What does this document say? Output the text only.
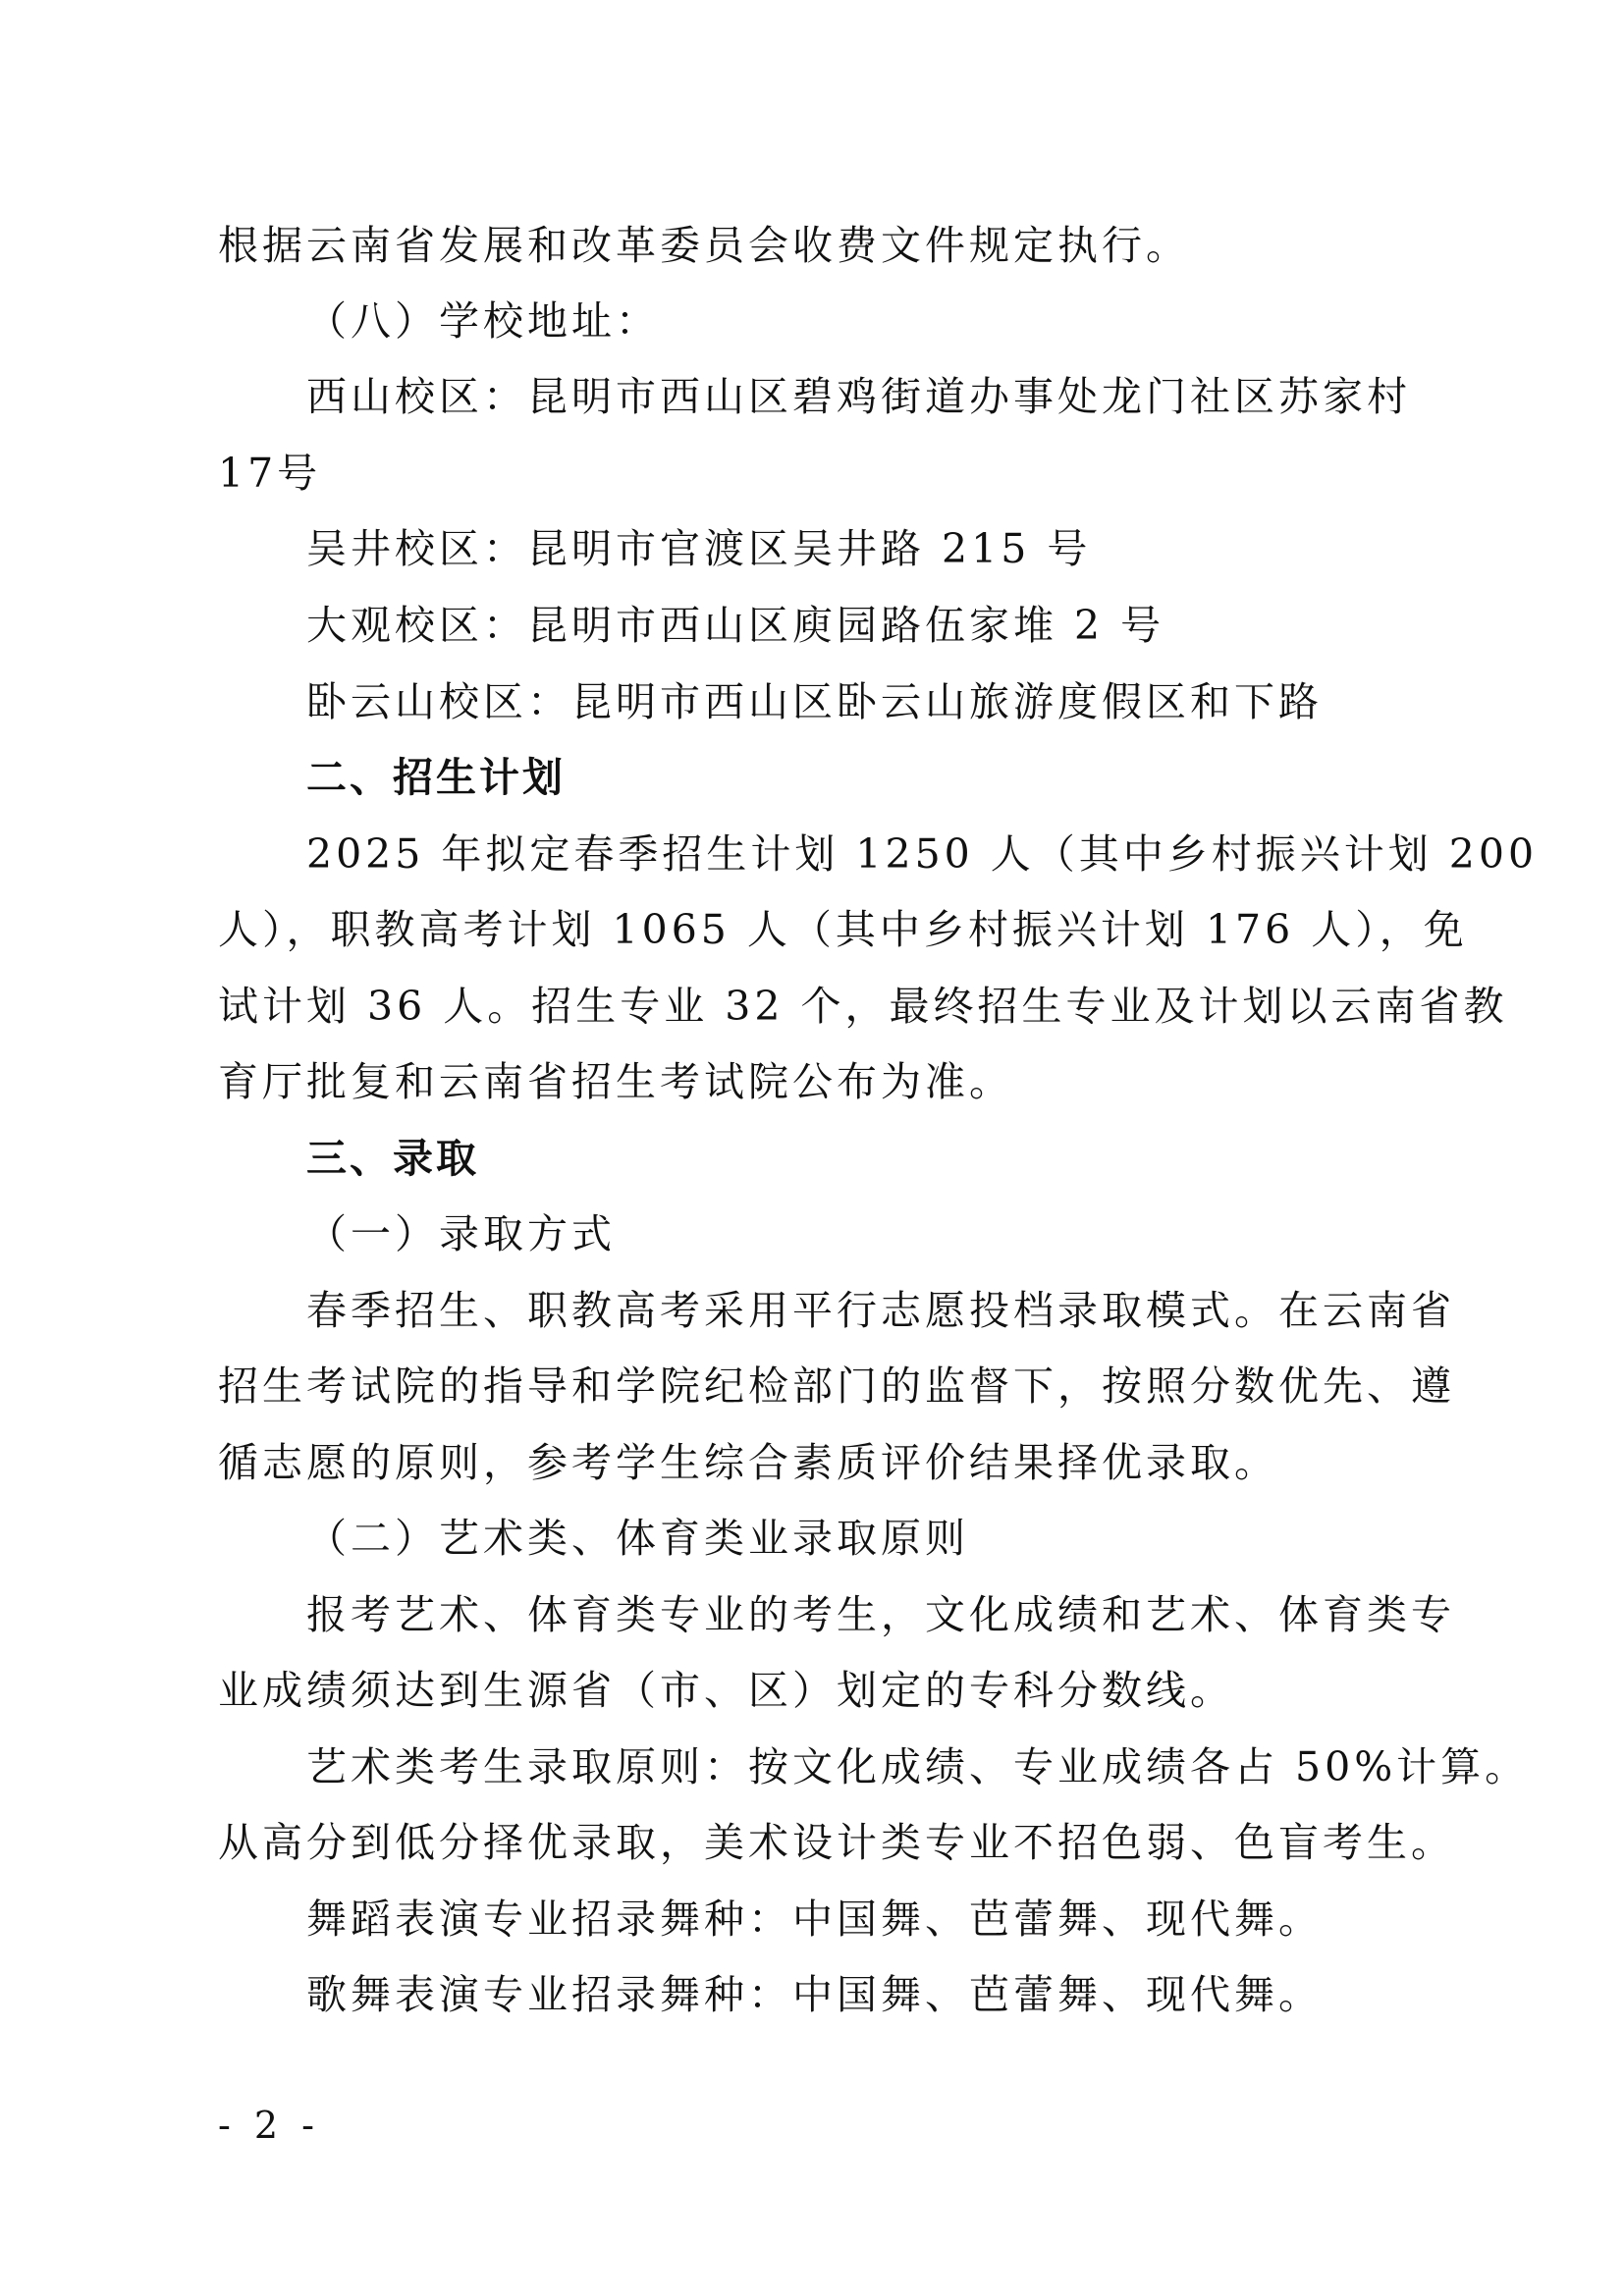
根据云南省发展和改革委员会收费文件规定执行。
（八）学校地址：
西山校区：昆明市西山区碧鸡街道办事处龙门社区苏家村
17号
吴井校区：昆明市官渡区吴井路 215 号
大观校区：昆明市西山区庾园路伍家堆 2 号
卧云山校区：昆明市西山区卧云山旅游度假区和下路
二、招生计划
2025 年拟定春季招生计划 1250 人（其中乡村振兴计划 200
人），职教高考计划 1065 人（其中乡村振兴计划 176 人），免
试计划 36 人。招生专业 32 个，最终招生专业及计划以云南省教
育厅批复和云南省招生考试院公布为准。
三、录取
（一）录取方式
春季招生、职教高考采用平行志愿投档录取模式。在云南省
招生考试院的指导和学院纪检部门的监督下，按照分数优先、遵
循志愿的原则，参考学生综合素质评价结果择优录取。
（二）艺术类、体育类业录取原则
报考艺术、体育类专业的考生，文化成绩和艺术、体育类专
业成绩须达到生源省（市、区）划定的专科分数线。
艺术类考生录取原则：按文化成绩、专业成绩各占 50%计算。
从高分到低分择优录取，美术设计类专业不招色弱、色盲考生。
舞蹈表演专业招录舞种：中国舞、芭蕾舞、现代舞。
歌舞表演专业招录舞种：中国舞、芭蕾舞、现代舞。
- 2 -
